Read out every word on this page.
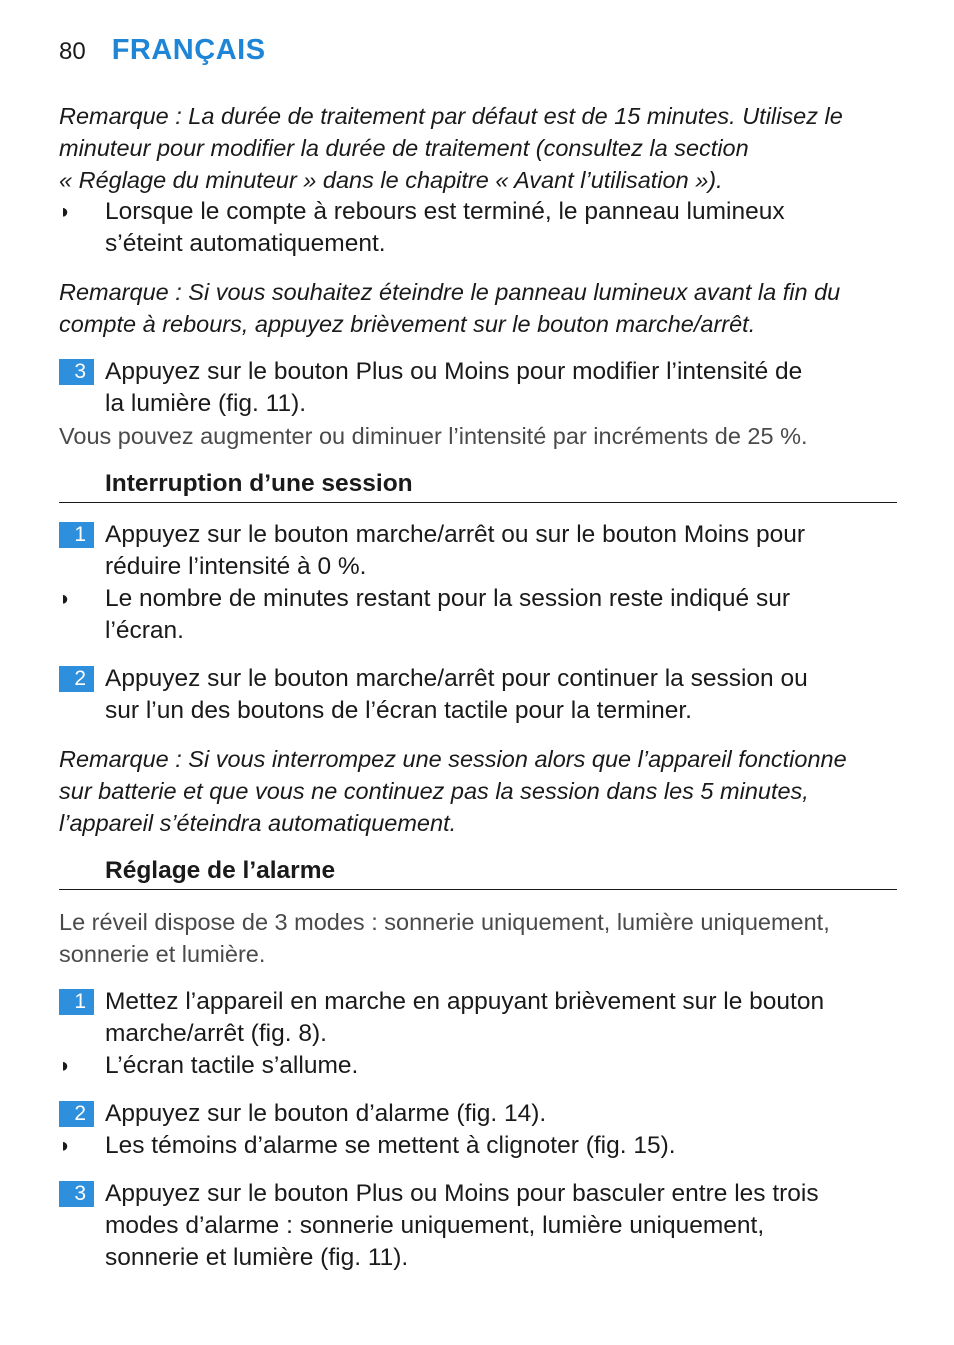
80 FRANÇAIS
Remarque : La durée de traitement par défaut est de 15 minutes. Utilisez le
minuteur pour modifier la durée de traitement (consultez la section
« Réglage du minuteur » dans le chapitre « Avant l’utilisation »).
◗	Lorsque le compte à rebours est terminé, le panneau lumineux
s’éteint automatiquement.
Remarque : Si vous souhaitez éteindre le panneau lumineux avant la fin du
compte à rebours, appuyez brièvement sur le bouton marche/arrêt.
3 Appuyez sur le bouton Plus ou Moins pour modifier l’intensité de
la lumière (fig. 11).
Vous pouvez augmenter ou diminuer l’intensité par incréments de 25 %.
Interruption d’une session
1 Appuyez sur le bouton marche/arrêt ou sur le bouton Moins pour
réduire l’intensité à 0 %.
◗	Le nombre de minutes restant pour la session reste indiqué sur
l’écran.
2 Appuyez sur le bouton marche/arrêt pour continuer la session ou
sur l’un des boutons de l’écran tactile pour la terminer.
Remarque : Si vous interrompez une session alors que l’appareil fonctionne
sur batterie et que vous ne continuez pas la session dans les 5 minutes,
l’appareil s’éteindra automatiquement.
Réglage de l’alarme
Le réveil dispose de 3 modes : sonnerie uniquement, lumière uniquement,
sonnerie et lumière.
1 Mettez l’appareil en marche en appuyant brièvement sur le bouton
marche/arrêt (fig. 8).
◗	L’écran tactile s’allume.
2 Appuyez sur le bouton d’alarme (fig. 14).
◗	Les témoins d’alarme se mettent à clignoter (fig. 15).
3 Appuyez sur le bouton Plus ou Moins pour basculer entre les trois
modes d’alarme : sonnerie uniquement, lumière uniquement,
sonnerie et lumière (fig. 11).
